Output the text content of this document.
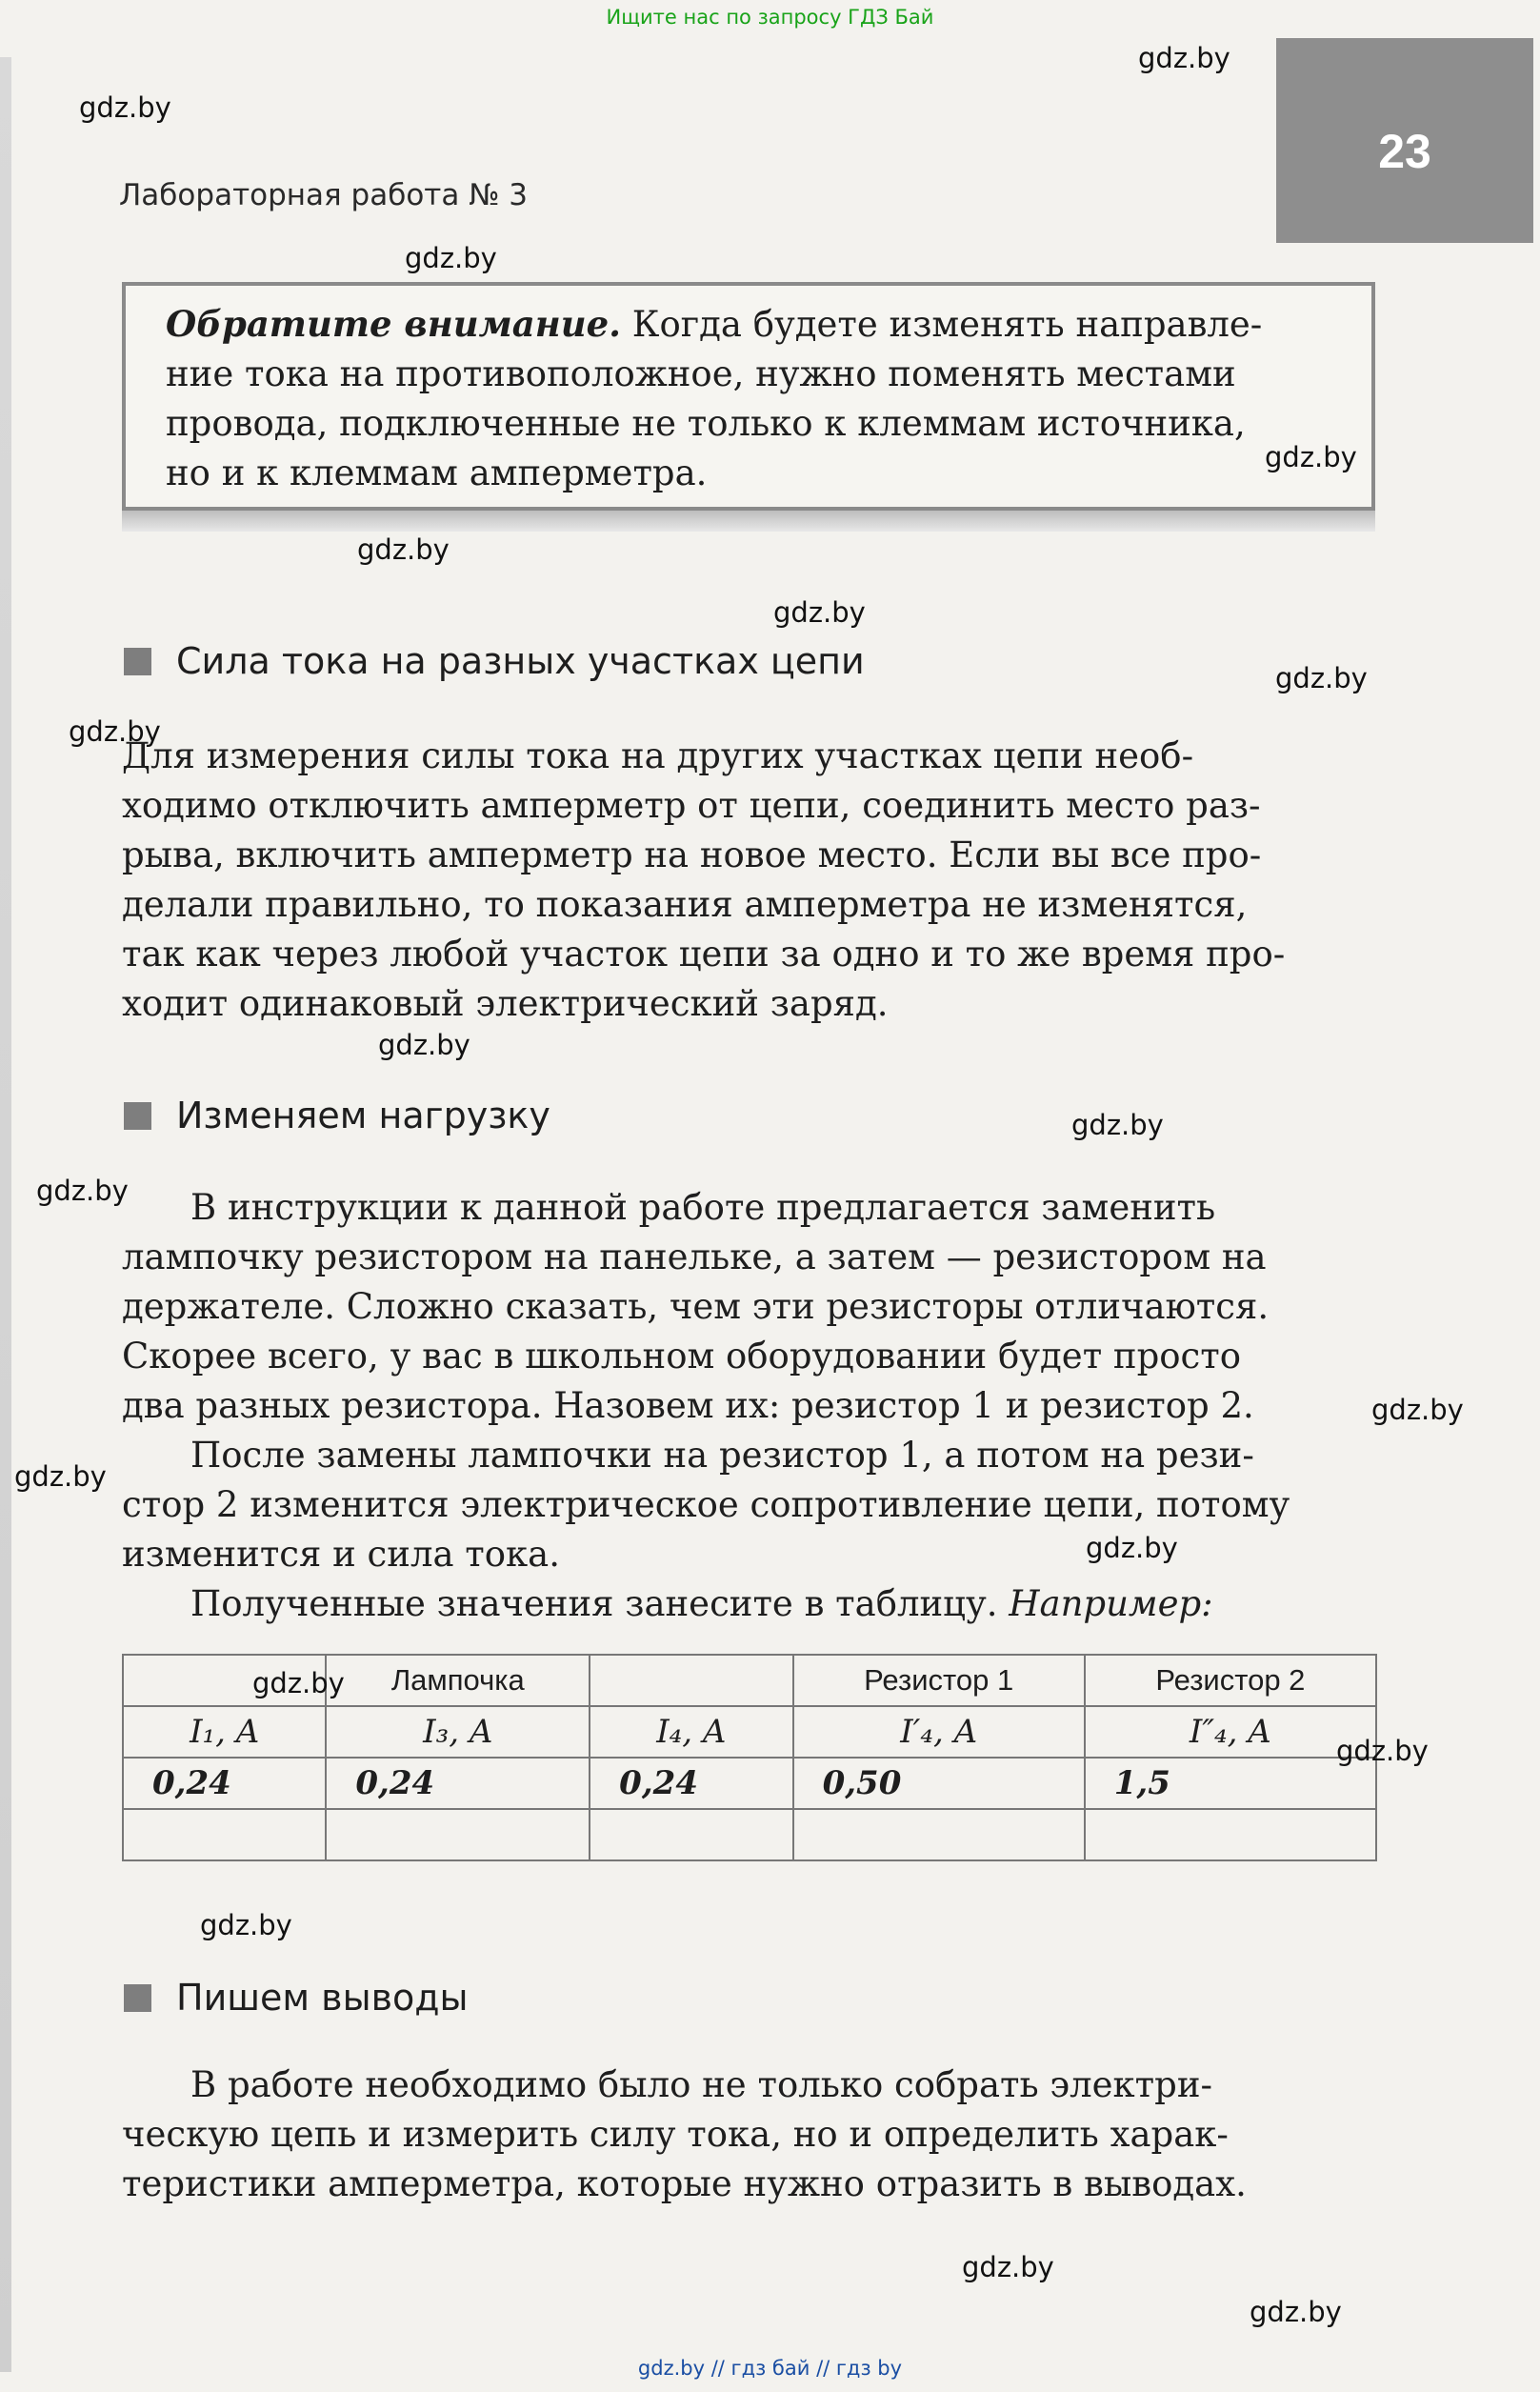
Ищите нас по запросу ГДЗ Бай
23
Лабораторная работа № 3
Обратите внимание. Когда будете изменять направле-
ние тока на противоположное, нужно поменять местами
провода, подключенные не только к клеммам источника,
но и к клеммам амперметра.
Сила тока на разных участках цепи
Для измерения силы тока на других участках цепи необ-
ходимо отключить амперметр от цепи, соединить место раз-
рыва, включить амперметр на новое место. Если вы все про-
делали правильно, то показания амперметра не изменятся,
так как через любой участок цепи за одно и то же время про-
ходит одинаковый электрический заряд.
Изменяем нагрузку
В инструкции к данной работе предлагается заменить
лампочку резистором на панельке, а затем — резистором на
держателе. Сложно сказать, чем эти резисторы отличаются.
Скорее всего, у вас в школьном оборудовании будет просто
два разных резистора. Назовем их: резистор 1 и резистор 2.
После замены лампочки на резистор 1, а потом на рези-
стор 2 изменится электрическое сопротивление цепи, потому
изменится и сила тока.
Полученные значения занесите в таблицу. Например:
	Лампочка		Резистор 1	Резистор 2
I₁, A	I₃, A	I₄, A	I′₄, A	I″₄, A
0,24	0,24	0,24	0,50	1,5

Пишем выводы
В работе необходимо было не только собрать электри-
ческую цепь и измерить силу тока, но и определить харак-
теристики амперметра, которые нужно отразить в выводах.
gdz.by
gdz.by
gdz.by
gdz.by
gdz.by
gdz.by
gdz.by
gdz.by
gdz.by
gdz.by
gdz.by
gdz.by
gdz.by
gdz.by
gdz.by
gdz.by
gdz.by
gdz.by
gdz.by
gdz.by // гдз бай // гдз by
